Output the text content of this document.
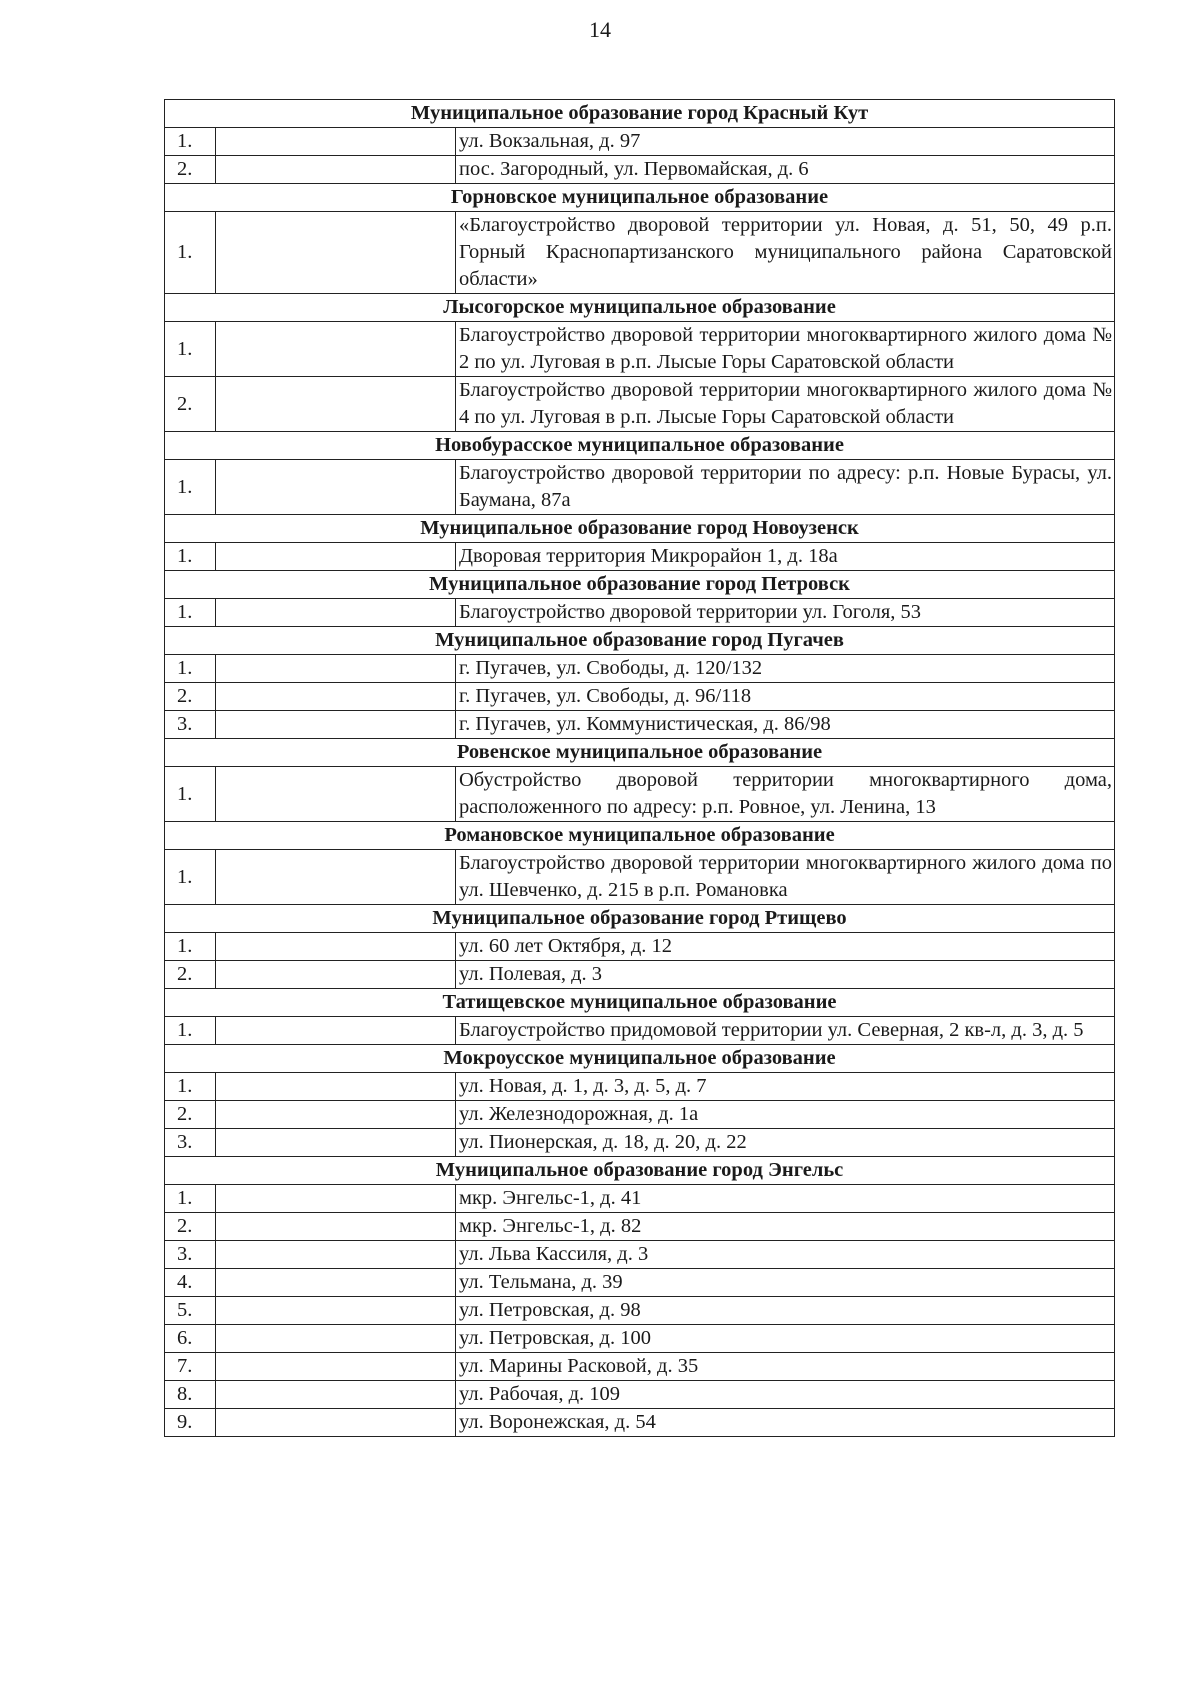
14
Муниципальное образование город Красный Кут		
1.		ул. Вокзальная, д. 97
2.		пос. Загородный, ул. Первомайская, д. 6
Горновское муниципальное образование		
1.		«Благоустройство дворовой территории ул. Новая, д. 51, 50, 49 р.п. Горный Краснопартизанского муниципального района Саратовской области»
Лысогорское муниципальное образование		
1.		Благоустройство дворовой территории многоквартирного жилого дома № 2 по ул. Луговая в р.п. Лысые Горы Саратовской области
2.		Благоустройство дворовой территории многоквартирного жилого дома № 4 по ул. Луговая в р.п. Лысые Горы Саратовской области
Новобурасское муниципальное образование		
1.		Благоустройство дворовой территории по адресу: р.п. Новые Бурасы, ул. Баумана, 87а
Муниципальное образование город Новоузенск		
1.		Дворовая территория Микрорайон 1, д. 18а
Муниципальное образование город Петровск		
1.		Благоустройство дворовой территории ул. Гоголя, 53
Муниципальное образование город Пугачев		
1.		г. Пугачев, ул. Свободы, д. 120/132
2.		г. Пугачев, ул. Свободы, д. 96/118
3.		г. Пугачев, ул. Коммунистическая, д. 86/98
Ровенское муниципальное образование		
1.		Обустройство дворовой территории многоквартирного дома, расположенного по адресу: р.п. Ровное, ул. Ленина, 13
Романовское муниципальное образование		
1.		Благоустройство дворовой территории многоквартирного жилого дома по ул. Шевченко, д. 215 в р.п. Романовка
Муниципальное образование город Ртищево		
1.		ул. 60 лет Октября, д. 12
2.		ул. Полевая, д. 3
Татищевское муниципальное образование		
1.		Благоустройство придомовой территории ул. Северная, 2 кв-л, д. 3, д. 5
Мокроусское муниципальное образование		
1.		ул. Новая, д. 1, д. 3, д. 5, д. 7
2.		ул. Железнодорожная, д. 1а
3.		ул. Пионерская, д. 18, д. 20, д. 22
Муниципальное образование город Энгельс		
1.		мкр. Энгельс-1, д. 41
2.		мкр. Энгельс-1, д. 82
3.		ул. Льва Кассиля, д. 3
4.		ул. Тельмана, д. 39
5.		ул. Петровская, д. 98
6.		ул. Петровская, д. 100
7.		ул. Марины Расковой, д. 35
8.		ул. Рабочая, д. 109
9.		ул. Воронежская, д. 54
